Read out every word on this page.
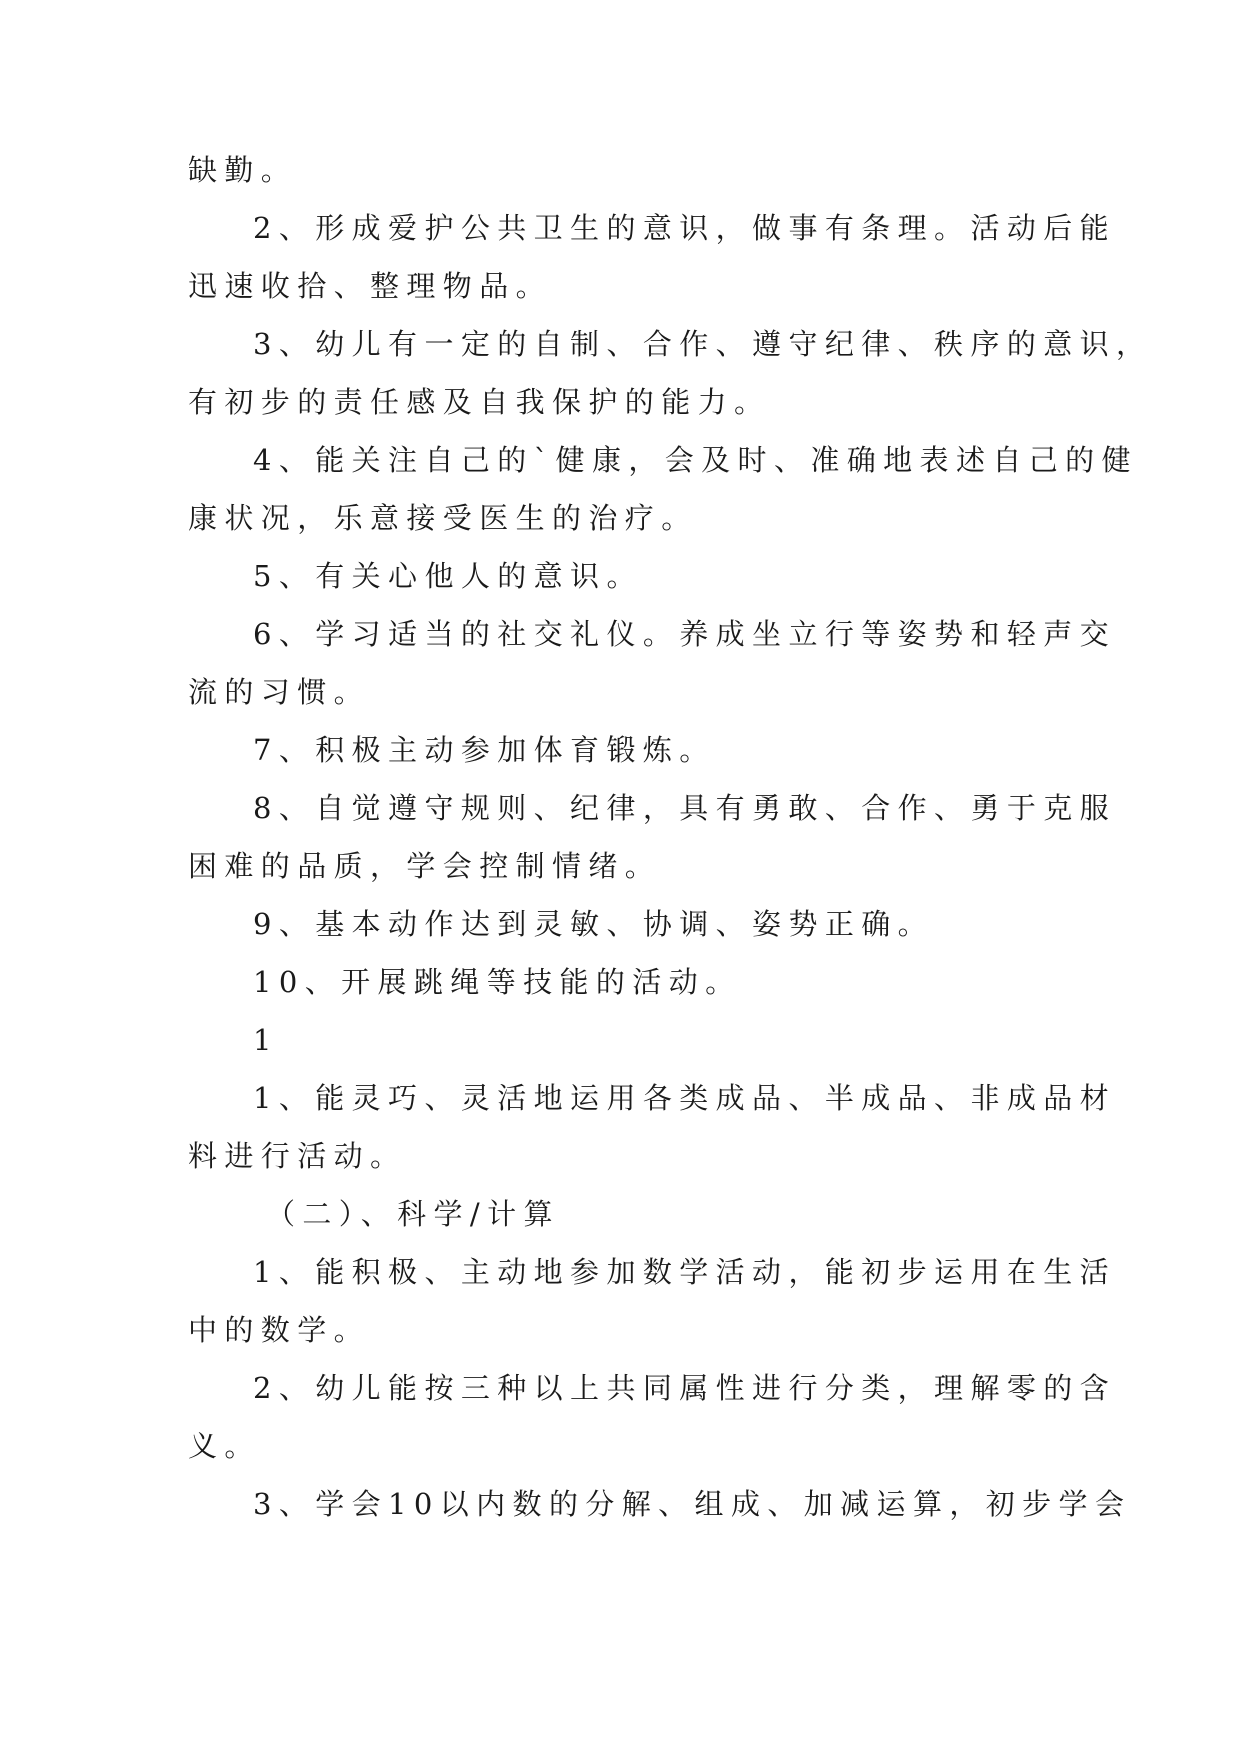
缺勤。
2、形成爱护公共卫生的意识，做事有条理。活动后能
迅速收拾、整理物品。
3、幼儿有一定的自制、合作、遵守纪律、秩序的意识，
有初步的责任感及自我保护的能力。
4、能关注自己的`健康，会及时、准确地表述自己的健
康状况，乐意接受医生的治疗。
5、有关心他人的意识。
6、学习适当的社交礼仪。养成坐立行等姿势和轻声交
流的习惯。
7、积极主动参加体育锻炼。
8、自觉遵守规则、纪律，具有勇敢、合作、勇于克服
困难的品质，学会控制情绪。
9、基本动作达到灵敏、协调、姿势正确。
10、开展跳绳等技能的活动。
1
1、能灵巧、灵活地运用各类成品、半成品、非成品材
料进行活动。
（二）、科学/计算
1、能积极、主动地参加数学活动，能初步运用在生活
中的数学。
2、幼儿能按三种以上共同属性进行分类，理解零的含
义。
3、学会10以内数的分解、组成、加减运算，初步学会
